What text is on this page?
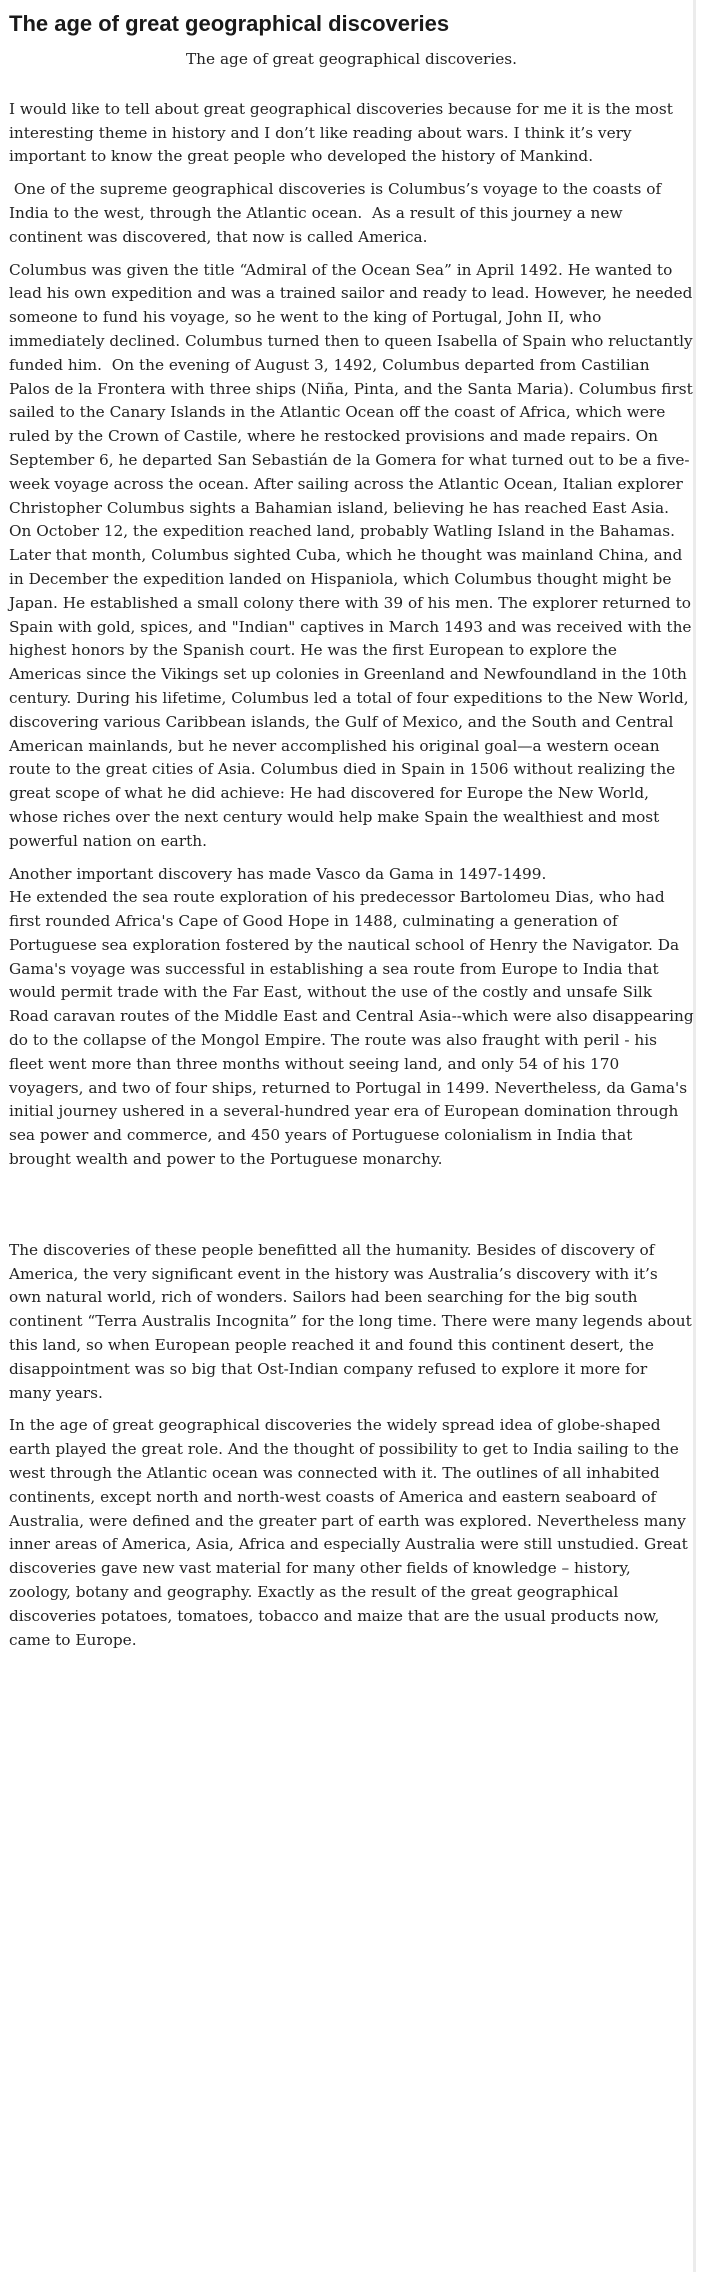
The age of great geographical discoveries

The age of great geographical discoveries.

I would like to tell about great geographical discoveries because for me it is the most interesting theme in history and I don’t like reading about wars. I think it’s very important to know the great people who developed the history of Mankind.

One of the supreme geographical discoveries is Columbus’s voyage to the coasts of India to the west, through the Atlantic ocean.  As a result of this journey a new continent was discovered, that now is called America.

Columbus was given the title “Admiral of the Ocean Sea” in April 1492. He wanted to lead his own expedition and was a trained sailor and ready to lead. However, he needed someone to fund his voyage, so he went to the king of Portugal, John II, who immediately declined. Columbus turned then to queen Isabella of Spain who reluctantly funded him.  On the evening of August 3, 1492, Columbus departed from Castilian Palos de la Frontera with three ships (Niña, Pinta, and the Santa Maria). Columbus first sailed to the Canary Islands in the Atlantic Ocean off the coast of Africa, which were ruled by the Crown of Castile, where he restocked provisions and made repairs. On September 6, he departed San Sebastián de la Gomera for what turned out to be a five-week voyage across the ocean. After sailing across the Atlantic Ocean, Italian explorer Christopher Columbus sights a Bahamian island, believing he has reached East Asia.  On October 12, the expedition reached land, probably Watling Island in the Bahamas. Later that month, Columbus sighted Cuba, which he thought was mainland China, and in December the expedition landed on Hispaniola, which Columbus thought might be Japan. He established a small colony there with 39 of his men. The explorer returned to Spain with gold, spices, and "Indian" captives in March 1493 and was received with the highest honors by the Spanish court. He was the first European to explore the Americas since the Vikings set up colonies in Greenland and Newfoundland in the 10th century. During his lifetime, Columbus led a total of four expeditions to the New World, discovering various Caribbean islands, the Gulf of Mexico, and the South and Central American mainlands, but he never accomplished his original goal—a western ocean route to the great cities of Asia. Columbus died in Spain in 1506 without realizing the great scope of what he did achieve: He had discovered for Europe the New World, whose riches over the next century would help make Spain the wealthiest and most powerful nation on earth.

Another important discovery has made Vasco da Gama in 1497-1499.
He extended the sea route exploration of his predecessor Bartolomeu Dias, who had first rounded Africa's Cape of Good Hope in 1488, culminating a generation of Portuguese sea exploration fostered by the nautical school of Henry the Navigator. Da Gama's voyage was successful in establishing a sea route from Europe to India that would permit trade with the Far East, without the use of the costly and unsafe Silk Road caravan routes of the Middle East and Central Asia--which were also disappearing do to the collapse of the Mongol Empire. The route was also fraught with peril - his fleet went more than three months without seeing land, and only 54 of his 170 voyagers, and two of four ships, returned to Portugal in 1499. Nevertheless, da Gama's initial journey ushered in a several-hundred year era of European domination through sea power and commerce, and 450 years of Portuguese colonialism in India that brought wealth and power to the Portuguese monarchy.

The discoveries of these people benefitted all the humanity. Besides of discovery of America, the very significant event in the history was Australia’s discovery with it’s own natural world, rich of wonders. Sailors had been searching for the big south continent “Terra Australis Incognita” for the long time. There were many legends about this land, so when European people reached it and found this continent desert, the disappointment was so big that Ost-Indian company refused to explore it more for many years.

In the age of great geographical discoveries the widely spread idea of globe-shaped earth played the great role. And the thought of possibility to get to India sailing to the west through the Atlantic ocean was connected with it. The outlines of all inhabited continents, except north and north-west coasts of America and eastern seaboard of Australia, were defined and the greater part of earth was explored. Nevertheless many inner areas of America, Asia, Africa and especially Australia were still unstudied. Great discoveries gave new vast material for many other fields of knowledge – history, zoology, botany and geography. Exactly as the result of the great geographical discoveries potatoes, tomatoes, tobacco and maize that are the usual products now, came to Europe.
